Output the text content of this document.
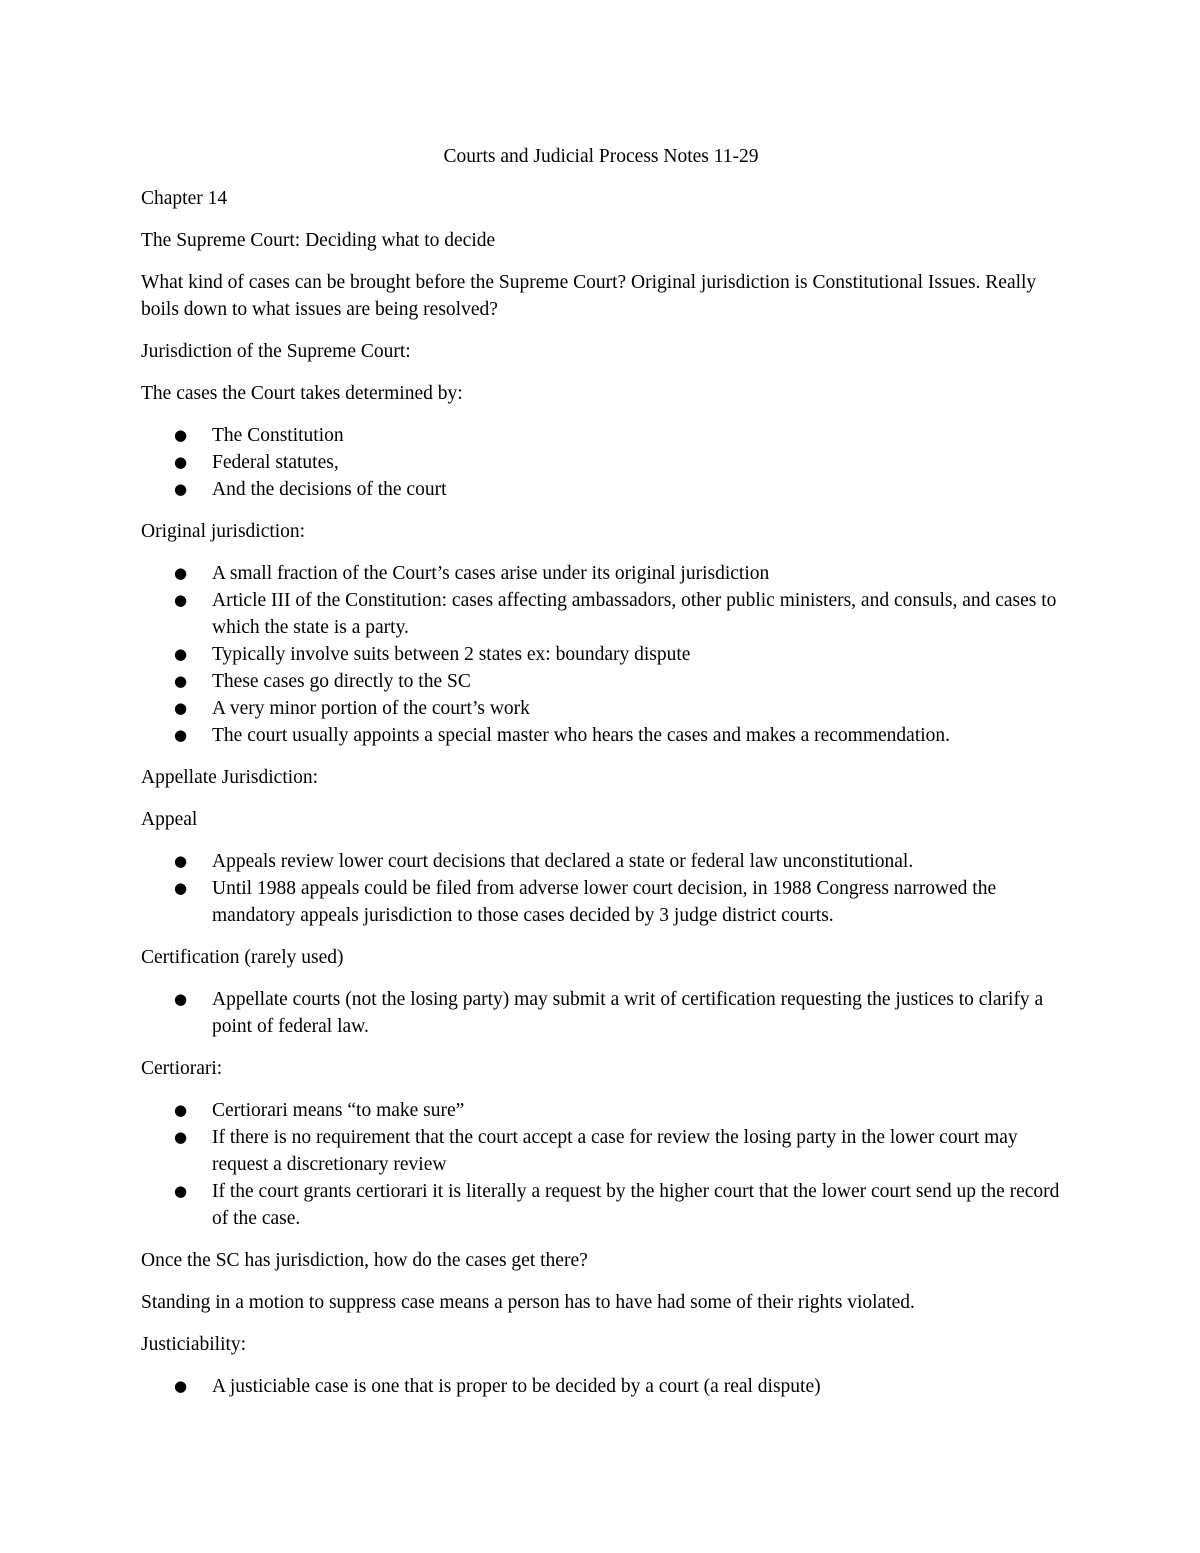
Courts and Judicial Process Notes 11-29
Chapter 14
The Supreme Court: Deciding what to decide
What kind of cases can be brought before the Supreme Court? Original jurisdiction is Constitutional Issues. Really boils down to what issues are being resolved?
Jurisdiction of the Supreme Court:
The cases the Court takes determined by:
● The Constitution
● Federal statutes,
● And the decisions of the court
Original jurisdiction:
● A small fraction of the Court’s cases arise under its original jurisdiction
● Article III of the Constitution: cases affecting ambassadors, other public ministers, and consuls, and cases to which the state is a party.
● Typically involve suits between 2 states ex: boundary dispute
● These cases go directly to the SC
● A very minor portion of the court’s work
● The court usually appoints a special master who hears the cases and makes a recommendation.
Appellate Jurisdiction:
Appeal
● Appeals review lower court decisions that declared a state or federal law unconstitutional.
● Until 1988 appeals could be filed from adverse lower court decision, in 1988 Congress narrowed the mandatory appeals jurisdiction to those cases decided by 3 judge district courts.
Certification (rarely used)
● Appellate courts (not the losing party) may submit a writ of certification requesting the justices to clarify a point of federal law.
Certiorari:
● Certiorari means “to make sure”
● If there is no requirement that the court accept a case for review the losing party in the lower court may request a discretionary review
● If the court grants certiorari it is literally a request by the higher court that the lower court send up the record of the case.
Once the SC has jurisdiction, how do the cases get there?
Standing in a motion to suppress case means a person has to have had some of their rights violated.
Justiciability:
● A justiciable case is one that is proper to be decided by a court (a real dispute)
